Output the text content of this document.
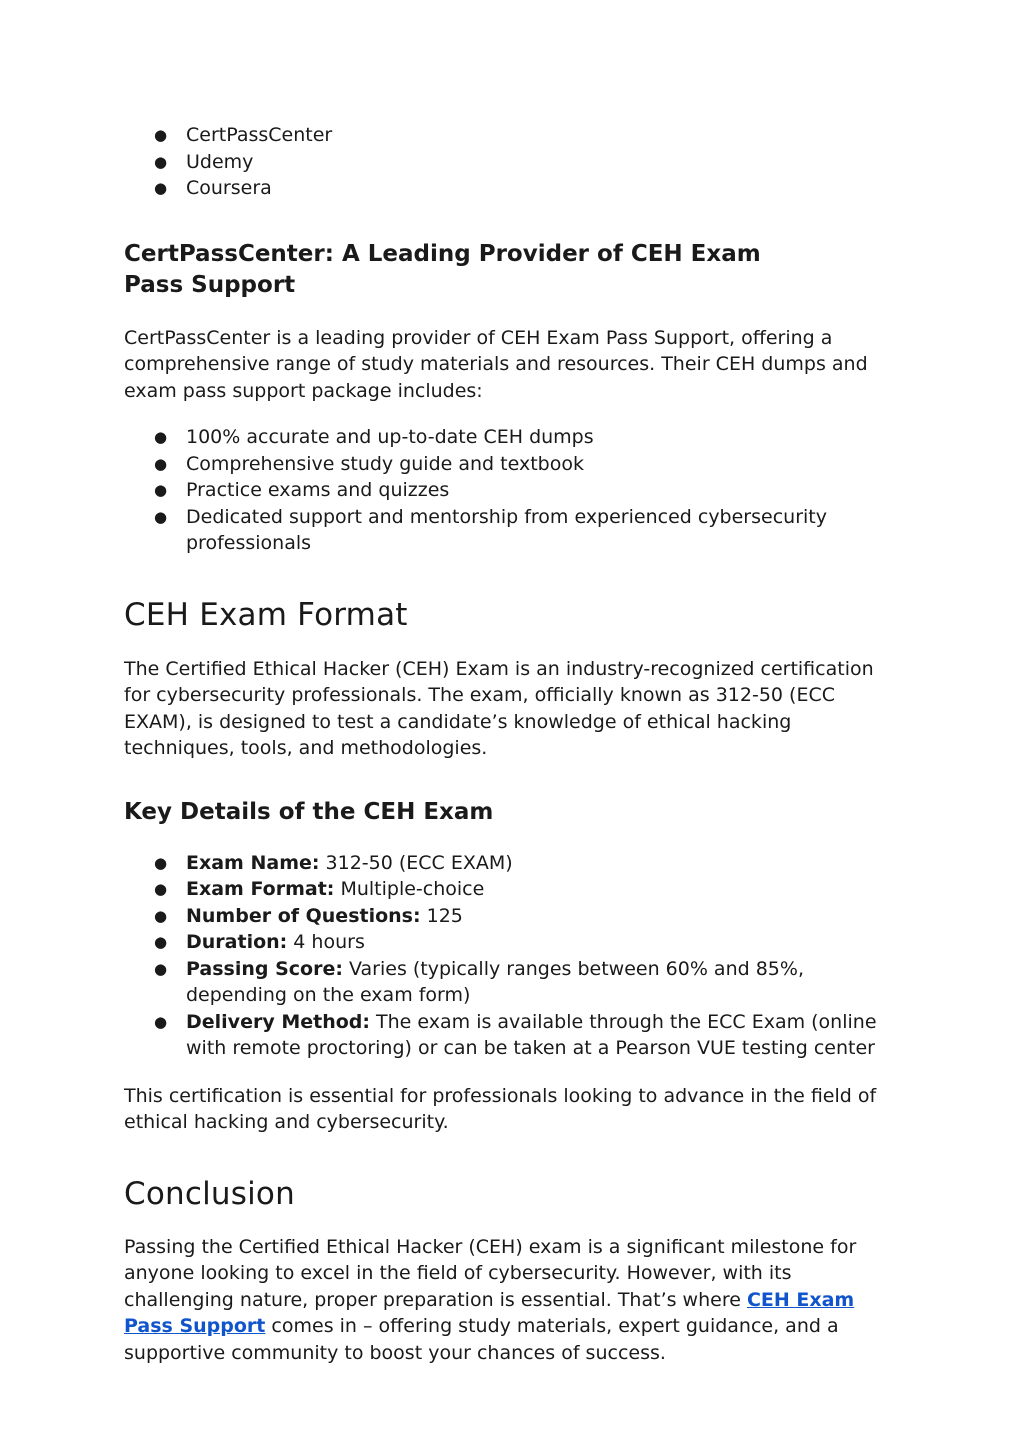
● CertPassCenter
● Udemy
● Coursera
CertPassCenter: A Leading Provider of CEH Exam Pass Support

CertPassCenter is a leading provider of CEH Exam Pass Support, offering a comprehensive range of study materials and resources. Their CEH dumps and exam pass support package includes:

● 100% accurate and up-to-date CEH dumps
● Comprehensive study guide and textbook
● Practice exams and quizzes
● Dedicated support and mentorship from experienced cybersecurity professionals
CEH Exam Format

The Certified Ethical Hacker (CEH) Exam is an industry-recognized certification for cybersecurity professionals. The exam, officially known as 312-50 (ECC EXAM), is designed to test a candidate’s knowledge of ethical hacking techniques, tools, and methodologies.

Key Details of the CEH Exam
● Exam Name: 312-50 (ECC EXAM)
● Exam Format: Multiple-choice
● Number of Questions: 125
● Duration: 4 hours
● Passing Score: Varies (typically ranges between 60% and 85%, depending on the exam form)
● Delivery Method: The exam is available through the ECC Exam (online with remote proctoring) or can be taken at a Pearson VUE testing center

This certification is essential for professionals looking to advance in the field of ethical hacking and cybersecurity.

Conclusion

Passing the Certified Ethical Hacker (CEH) exam is a significant milestone for anyone looking to excel in the field of cybersecurity. However, with its challenging nature, proper preparation is essential. That’s where CEH Exam Pass Support comes in – offering study materials, expert guidance, and a supportive community to boost your chances of success.
